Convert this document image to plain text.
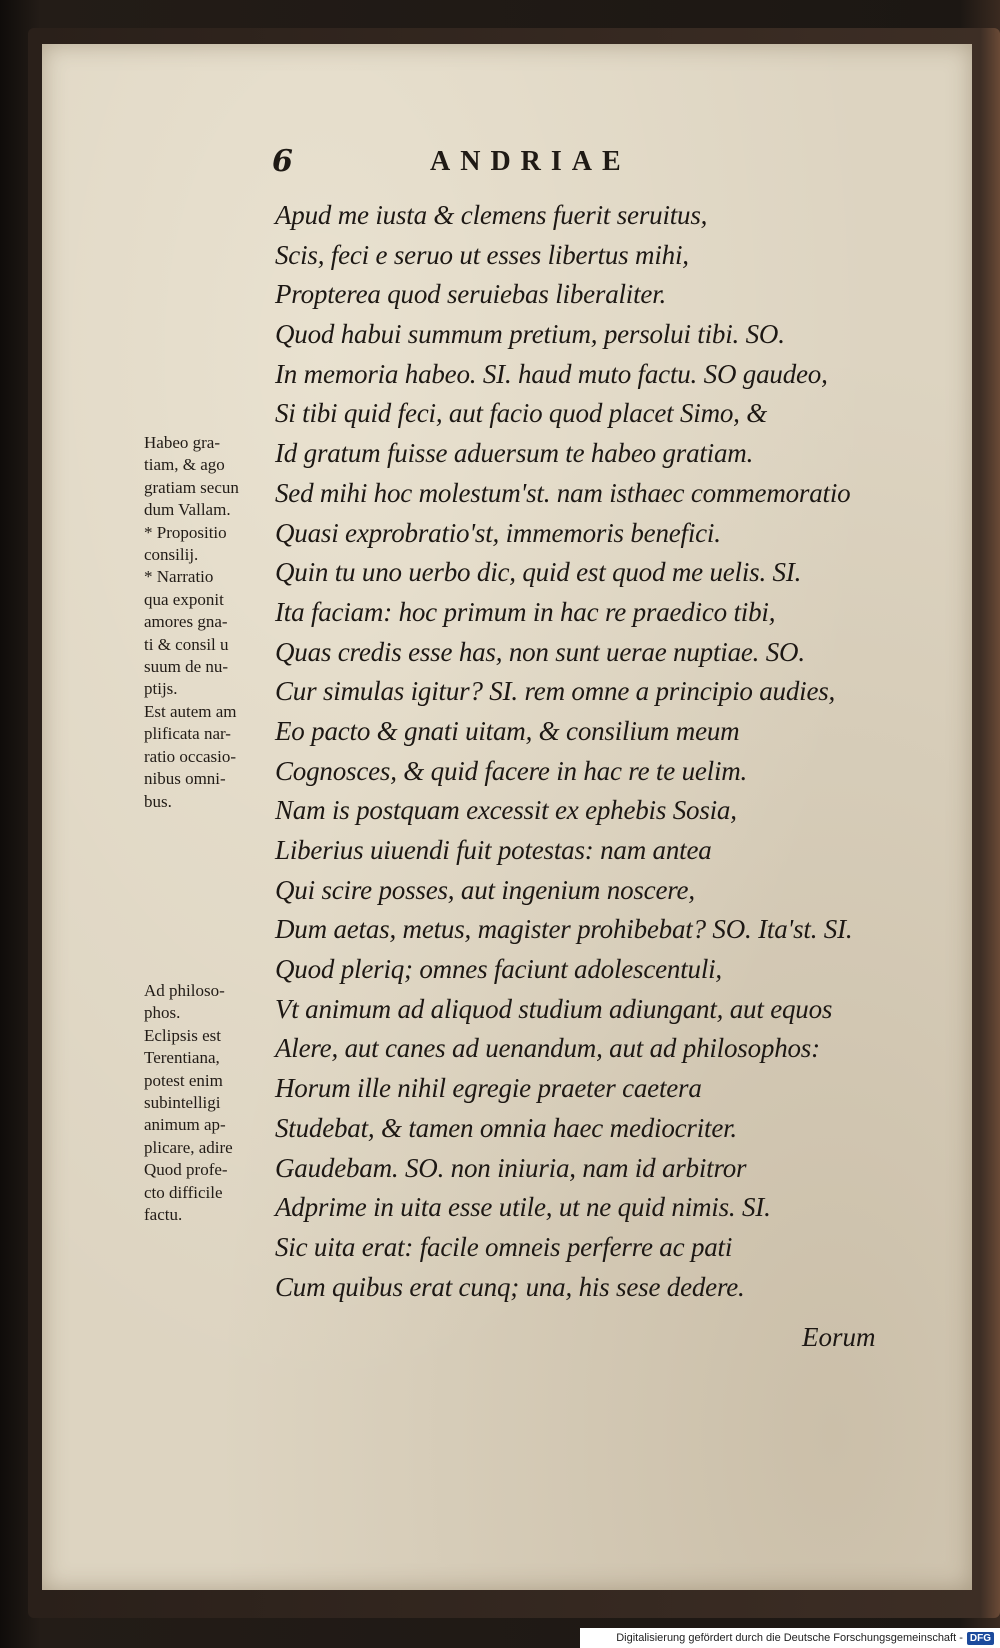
6	ANDRIAE
Apud me iusta & clemens fuerit seruitus,
Scis, feci e seruo ut esses libertus mihi,
Propterea quod seruiebas liberaliter.
Quod habui summum pretium, persolui tibi. SO.
In memoria habeo. SI. haud muto factu. SO gaudeo,
Si tibi quid feci, aut facio quod placet Simo, &
Id gratum fuisse aduersum te habeo gratiam.
Sed mihi hoc molestum'st. nam isthaec commemoratio
Quasi exprobratio'st, immemoris benefici.
Quin tu uno uerbo dic, quid est quod me uelis. SI.
Ita faciam: hoc primum in hac re praedico tibi,
Quas credis esse has, non sunt uerae nuptiae. SO.
Cur simulas igitur? SI. rem omne a principio audies,
Eo pacto & gnati uitam, & consilium meum
Cognosces, & quid facere in hac re te uelim.
Nam is postquam excessit ex ephebis Sosia,
Liberius uiuendi fuit potestas: nam antea
Qui scire posses, aut ingenium noscere,
Dum aetas, metus, magister prohibebat? SO. Ita'st. SI.
Quod pleriq; omnes faciunt adolescentuli,
Vt animum ad aliquod studium adiungant, aut equos
Alere, aut canes ad uenandum, aut ad philosophos:
Horum ille nihil egregie praeter caetera
Studebat, & tamen omnia haec mediocriter.
Gaudebam. SO. non iniuria, nam id arbitror
Adprime in uita esse utile, ut ne quid nimis. SI.
Sic uita erat: facile omneis perferre ac pati
Cum quibus erat cunq; una, his sese dedere.
Habeo gra-
tiam, & ago
gratiam secun
dum Vallam.
* Propositio
consilij.
* Narratio
qua exponit
amores gna-
ti & consil u
suum de nu-
ptijs.
Est autem am
plificata nar-
ratio occasio-
nibus omni-
bus.
Ad philoso-
phos.
Eclipsis est
Terentiana,
potest enim
subintelligi
animum ap-
plicare, adire
Quod profe-
cto difficile
factu.
Eorum
Digitalisierung gefördert durch die Deutsche Forschungsgemeinschaft - DFG
